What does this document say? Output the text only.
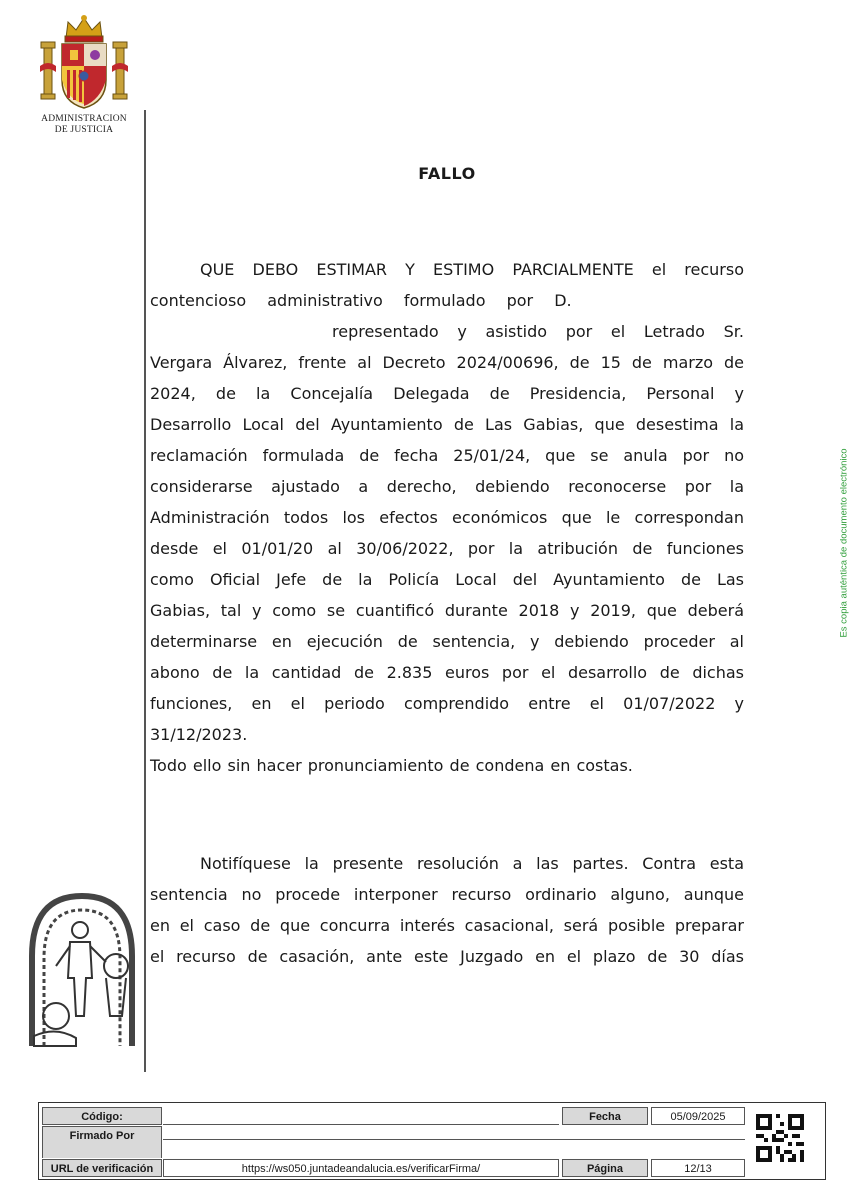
ADMINISTRACION
DE JUSTICIA
FALLO
QUE DEBO ESTIMAR Y ESTIMO PARCIALMENTE el recurso
contencioso administrativo formulado por D.
representado y asistido por el Letrado Sr.
Vergara Álvarez, frente al Decreto 2024/00696, de 15 de marzo de
2024, de la Concejalía Delegada de Presidencia, Personal y
Desarrollo Local del Ayuntamiento de Las Gabias, que desestima la
reclamación formulada de fecha 25/01/24, que se anula por no
considerarse ajustado a derecho, debiendo reconocerse por la
Administración todos los efectos económicos que le correspondan
desde el 01/01/20 al 30/06/2022, por la atribución de funciones
como Oficial Jefe de la Policía Local del Ayuntamiento de Las
Gabias, tal y como se cuantificó durante 2018 y 2019, que deberá
determinarse en ejecución de sentencia, y debiendo proceder al
abono de la cantidad de 2.835 euros por el desarrollo de dichas
funciones, en el periodo comprendido entre el 01/07/2022 y
31/12/2023.
Todo ello sin hacer pronunciamiento de condena en costas.
Notifíquese la presente resolución a las partes. Contra esta
sentencia no procede interponer recurso ordinario alguno, aunque
en el caso de que concurra interés casacional, será posible preparar
el recurso de casación, ante este Juzgado en el plazo de 30 días
Es copia auténtica de documento electrónico
Código:	Fecha	05/09/2025
Firmado Por
URL de verificación	https://ws050.juntadeandalucia.es/verificarFirma/	Página	12/13
